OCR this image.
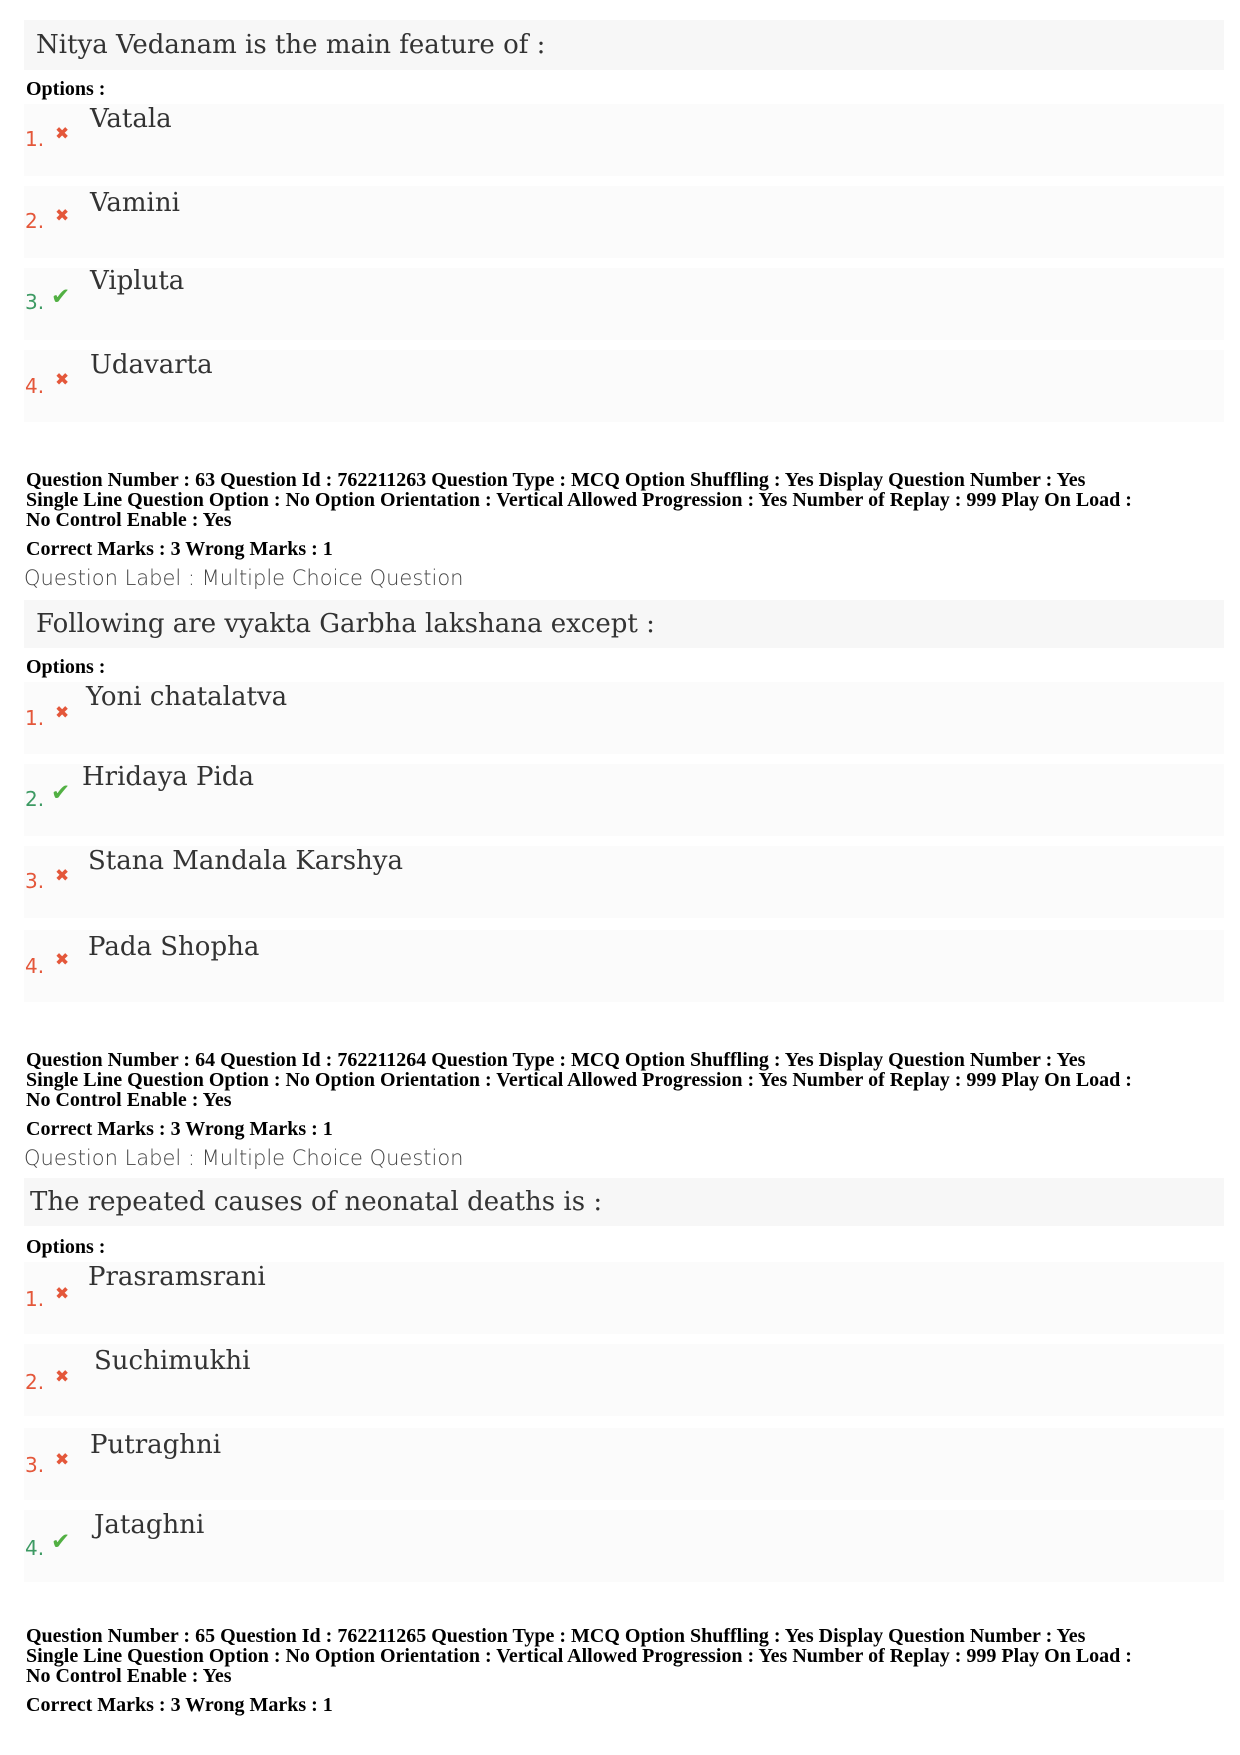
Nitya Vedanam is the main feature of :
Options :
1. ✖ Vatala
2. ✖ Vamini
3. ✔
Vipluta
4. ✖ Udavarta
Question Number : 63 Question Id : 762211263 Question Type : MCQ Option Shuffling : Yes Display Question Number : Yes
Single Line Question Option : No Option Orientation : Vertical Allowed Progression : Yes Number of Replay : 999 Play On Load :
No Control Enable : Yes
Correct Marks : 3 Wrong Marks : 1
Question Label : Multiple Choice Question
Following are vyakta Garbha lakshana except :
Options :
1. ✖
Yoni chatalatva
2. ✔
Hridaya Pida
3. ✖ Stana Mandala Karshya
4. ✖ Pada Shopha
Question Number : 64 Question Id : 762211264 Question Type : MCQ Option Shuffling : Yes Display Question Number : Yes
Single Line Question Option : No Option Orientation : Vertical Allowed Progression : Yes Number of Replay : 999 Play On Load :
No Control Enable : Yes
Correct Marks : 3 Wrong Marks : 1
Question Label : Multiple Choice Question
The repeated causes of neonatal deaths is :
Options :
1. ✖
Prasramsrani
2. ✖
Suchimukhi
3. ✖ Putraghni
4. ✔
Jataghni
Question Number : 65 Question Id : 762211265 Question Type : MCQ Option Shuffling : Yes Display Question Number : Yes
Single Line Question Option : No Option Orientation : Vertical Allowed Progression : Yes Number of Replay : 999 Play On Load :
No Control Enable : Yes
Correct Marks : 3 Wrong Marks : 1
